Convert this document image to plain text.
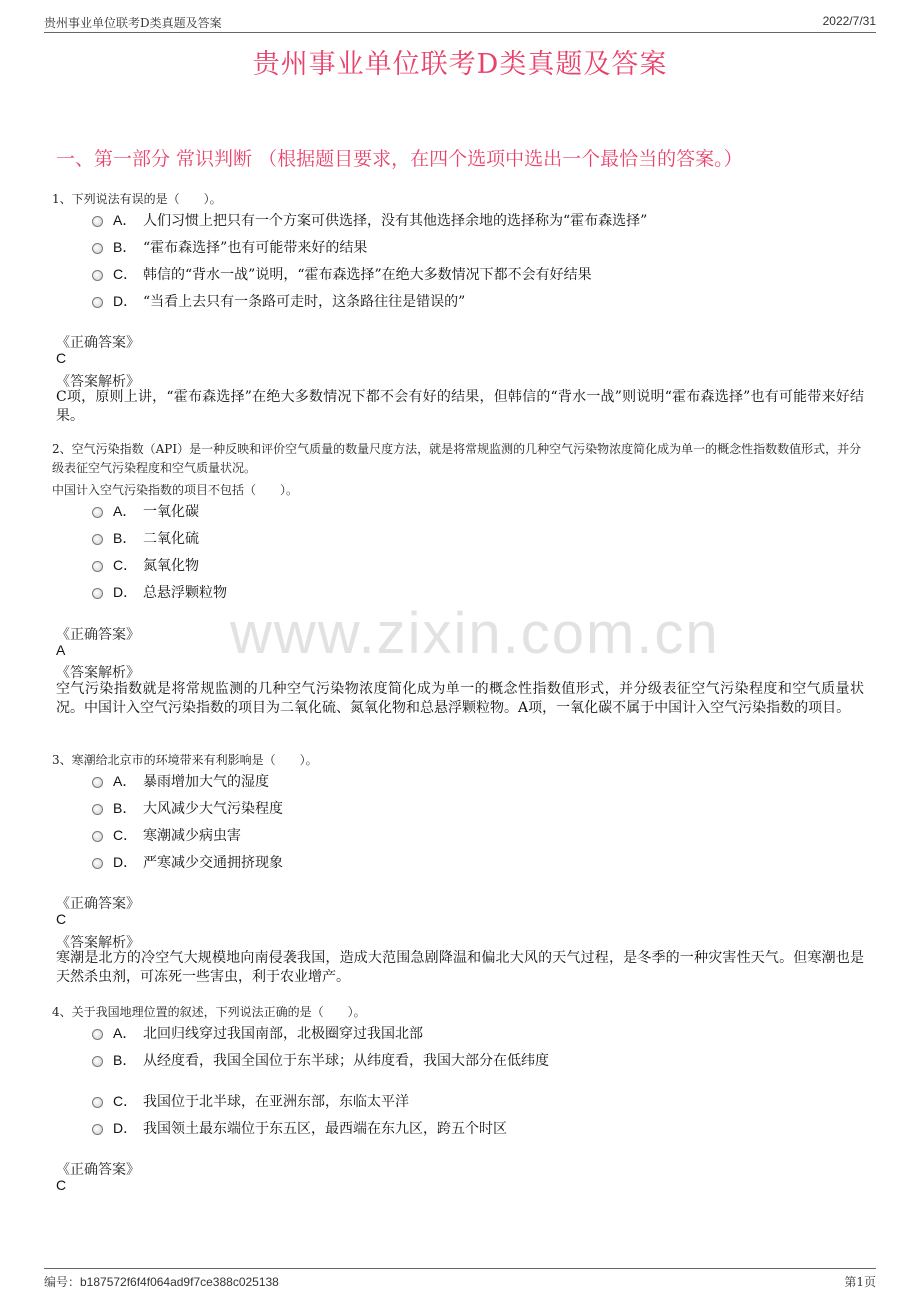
贵州事业单位联考D类真题及答案	2022/7/31
贵州事业单位联考D类真题及答案
一、第一部分 常识判断 （根据题目要求，在四个选项中选出一个最恰当的答案。）
www.zixin.com.cn
1、下列说法有误的是（　　）。
A． 人们习惯上把只有一个方案可供选择，没有其他选择余地的选择称为“霍布森选择”
B． “霍布森选择”也有可能带来好的结果
C． 韩信的“背水一战”说明，“霍布森选择”在绝大多数情况下都不会有好结果
D． “当看上去只有一条路可走时，这条路往往是错误的”
《正确答案》
C
《答案解析》
C项，原则上讲，“霍布森选择”在绝大多数情况下都不会有好的结果，但韩信的“背水一战”则说明“霍布森选择”也有可能带来好结果。
2、空气污染指数（API）是一种反映和评价空气质量的数量尺度方法，就是将常规监测的几种空气污染物浓度简化成为单一的概念性指数数值形式，并分级表征空气污染程度和空气质量状况。
中国计入空气污染指数的项目不包括（　　）。
A． 一氧化碳
B． 二氧化硫
C． 氮氧化物
D． 总悬浮颗粒物
《正确答案》
A
《答案解析》
空气污染指数就是将常规监测的几种空气污染物浓度简化成为单一的概念性指数值形式，并分级表征空气污染程度和空气质量状况。中国计入空气污染指数的项目为二氧化硫、氮氧化物和总悬浮颗粒物。A项，一氧化碳不属于中国计入空气污染指数的项目。
3、寒潮给北京市的环境带来有利影响是（　　）。
A． 暴雨增加大气的湿度
B． 大风减少大气污染程度
C． 寒潮减少病虫害
D． 严寒减少交通拥挤现象
《正确答案》
C
《答案解析》
寒潮是北方的冷空气大规模地向南侵袭我国，造成大范围急剧降温和偏北大风的天气过程，是冬季的一种灾害性天气。但寒潮也是天然杀虫剂，可冻死一些害虫，利于农业增产。
4、关于我国地理位置的叙述，下列说法正确的是（　　）。
A． 北回归线穿过我国南部，北极圈穿过我国北部
B． 从经度看，我国全国位于东半球；从纬度看，我国大部分在低纬度
C． 我国位于北半球，在亚洲东部，东临太平洋
D． 我国领土最东端位于东五区，最西端在东九区，跨五个时区
《正确答案》
C
编号：b187572f6f4f064ad9f7ce388c025138	第1页
